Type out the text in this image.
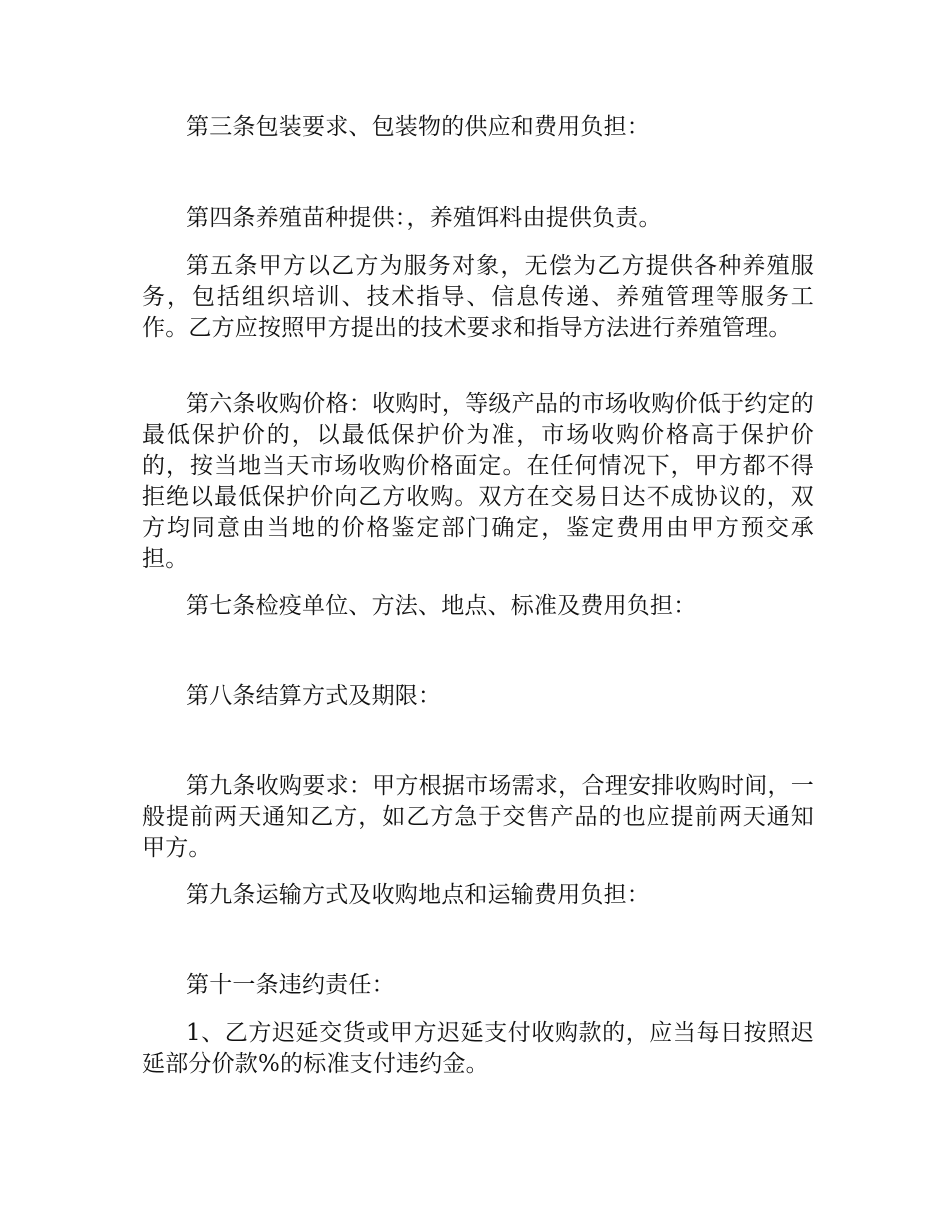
第三条包装要求、包装物的供应和费用负担：

第四条养殖苗种提供：，养殖饵料由提供负责。

第五条甲方以乙方为服务对象，无偿为乙方提供各种养殖服务，包括组织培训、技术指导、信息传递、养殖管理等服务工作。乙方应按照甲方提出的技术要求和指导方法进行养殖管理。

第六条收购价格：收购时，等级产品的市场收购价低于约定的最低保护价的，以最低保护价为准，市场收购价格高于保护价的，按当地当天市场收购价格面定。在任何情况下，甲方都不得拒绝以最低保护价向乙方收购。双方在交易日达不成协议的，双方均同意由当地的价格鉴定部门确定，鉴定费用由甲方预交承担。

第七条检疫单位、方法、地点、标准及费用负担：

第八条结算方式及期限：

第九条收购要求：甲方根据市场需求，合理安排收购时间，一般提前两天通知乙方，如乙方急于交售产品的也应提前两天通知甲方。

第九条运输方式及收购地点和运输费用负担：

第十一条违约责任：

1、乙方迟延交货或甲方迟延支付收购款的，应当每日按照迟延部分价款%的标准支付违约金。
